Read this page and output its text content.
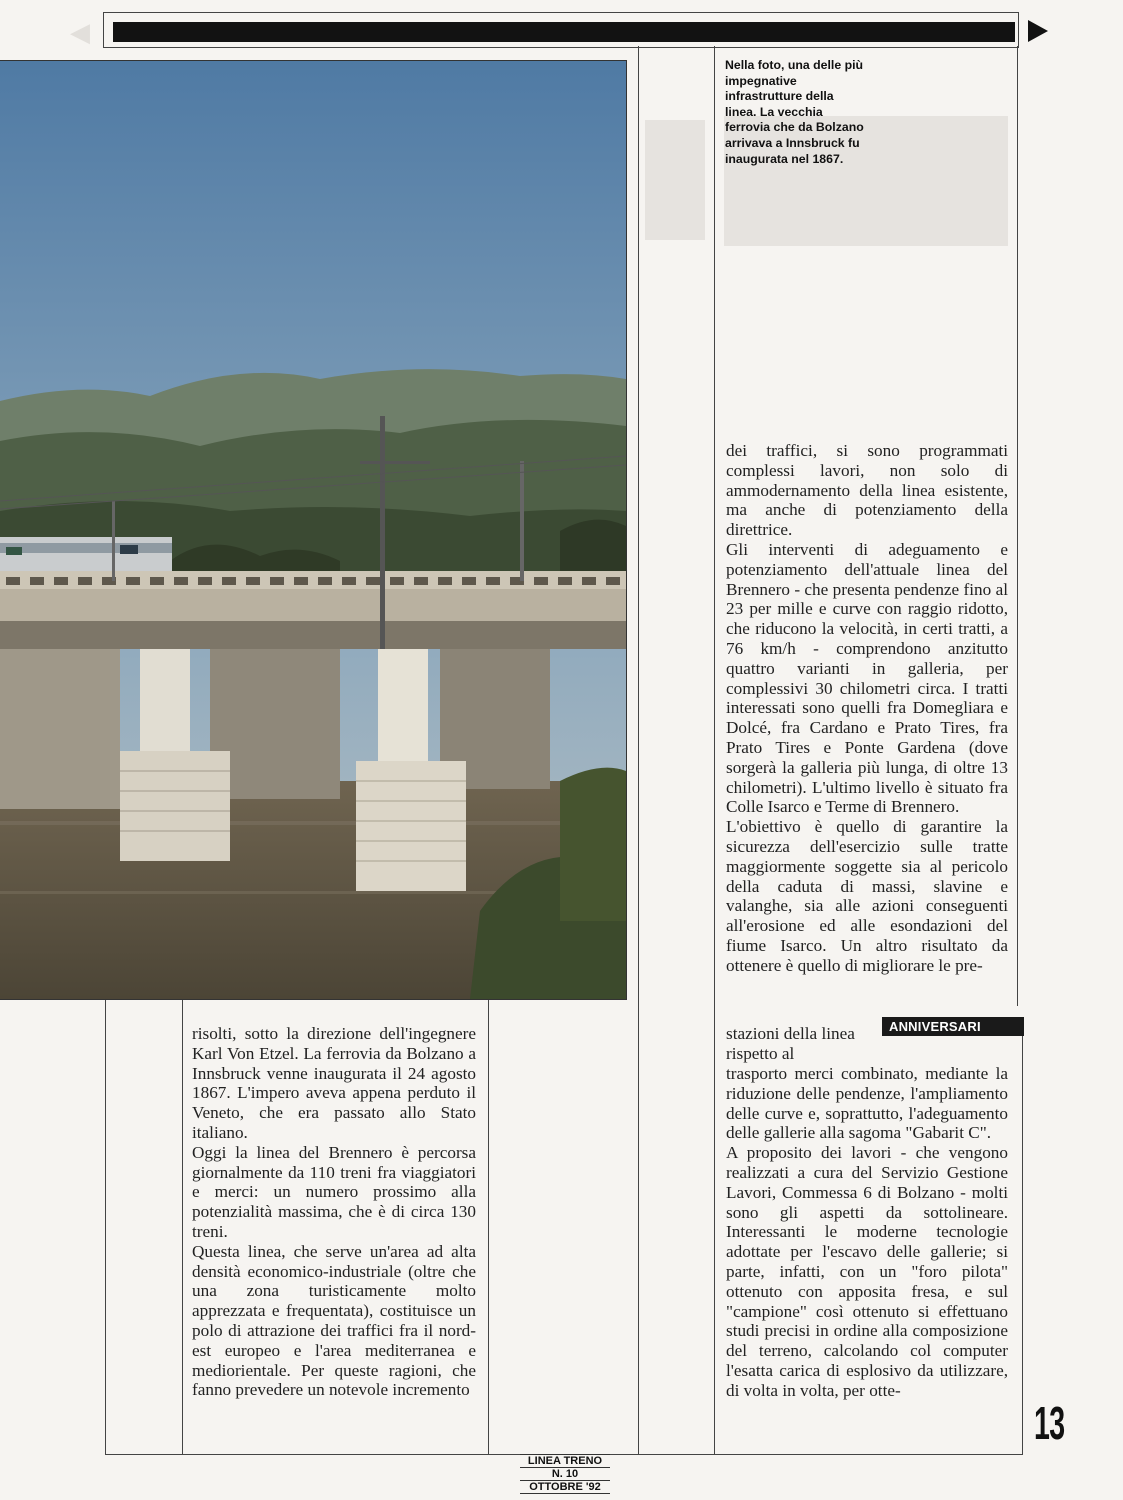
◀
Nella foto, una delle più impegnative infrastrutture della linea. La vecchia ferrovia che da Bolzano arrivava a Innsbruck fu inaugurata nel 1867.

risolti, sotto la direzione dell'ingegnere Karl Von Etzel. La ferrovia da Bolzano a Innsbruck venne inaugurata il 24 agosto 1867. L'impero aveva appena perduto il Veneto, che era passato allo Stato italiano.

Oggi la linea del Brennero è percorsa giornalmente da 110 treni fra viaggiatori e merci: un numero prossimo alla potenzialità massima, che è di circa 130 treni.

Questa linea, che serve un'area ad alta densità economico-industriale (oltre che una zona turisticamente molto apprezzata e frequentata), costituisce un polo di attrazione dei traffici fra il nord-est europeo e l'area mediterranea e mediorientale. Per queste ragioni, che fanno prevedere un notevole incremento

dei traffici, si sono programmati complessi lavori, non solo di ammodernamento della linea esistente, ma anche di potenziamento della direttrice.

Gli interventi di adeguamento e potenziamento dell'attuale linea del Brennero - che presenta pendenze fino al 23 per mille e curve con raggio ridotto, che riducono la velocità, in certi tratti, a 76 km/h - comprendono anzitutto quattro varianti in galleria, per complessivi 30 chilometri circa. I tratti interessati sono quelli fra Domegliara e Dolcé, fra Cardano e Prato Tires, fra Prato Tires e Ponte Gardena (dove sorgerà la galleria più lunga, di oltre 13 chilometri). L'ultimo livello è situato fra Colle Isarco e Terme di Brennero.

L'obiettivo è quello di garantire la sicurezza dell'esercizio sulle tratte maggiormente soggette sia al pericolo della caduta di massi, slavine e valanghe, sia alle azioni conseguenti all'erosione ed alle esondazioni del fiume Isarco. Un altro risultato da ottenere è quello di migliorare le pre-

stazioni della linea rispetto al

ANNIVERSARI

trasporto merci combinato, mediante la riduzione delle pendenze, l'ampliamento delle curve e, soprattutto, l'adeguamento delle gallerie alla sagoma "Gabarit C".

A proposito dei lavori - che vengono realizzati a cura del Servizio Gestione Lavori, Commessa 6 di Bolzano - molti sono gli aspetti da sottolineare. Interessanti le moderne tecnologie adottate per l'escavo delle gallerie; si parte, infatti, con un "foro pilota" ottenuto con apposita fresa, e sul "campione" così ottenuto si effettuano studi precisi in ordine alla composizione del terreno, calcolando col computer l'esatta carica di esplosivo da utilizzare, di volta in volta, per otte-

13
LINEA TRENO
N. 10
OTTOBRE '92
